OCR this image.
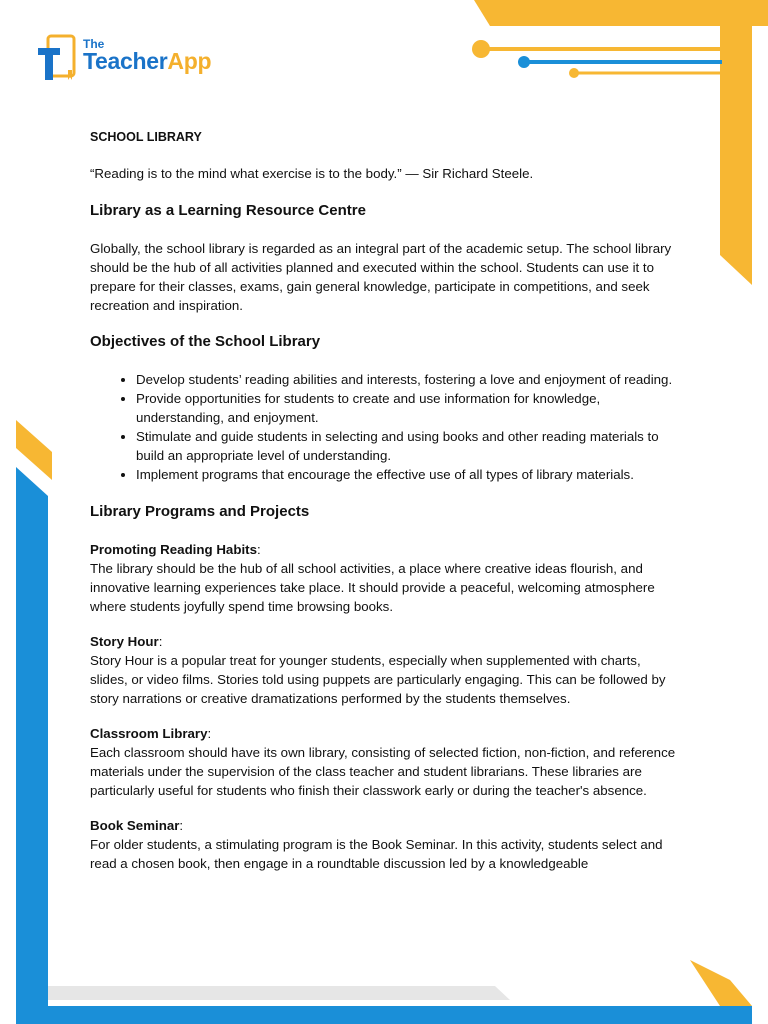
The
TeacherApp
SCHOOL LIBRARY
“Reading is to the mind what exercise is to the body.” — Sir Richard Steele.
Library as a Learning Resource Centre

Globally, the school library is regarded as an integral part of the academic setup. The school library should be the hub of all activities planned and executed within the school. Students can use it to prepare for their classes, exams, gain general knowledge, participate in competitions, and seek recreation and inspiration.

Objectives of the School Library
• Develop students’ reading abilities and interests, fostering a love and enjoyment of reading.
• Provide opportunities for students to create and use information for knowledge, understanding, and enjoyment.
• Stimulate and guide students in selecting and using books and other reading materials to build an appropriate level of understanding.
• Implement programs that encourage the effective use of all types of library materials.
Library Programs and Projects
Promoting Reading Habits:
The library should be the hub of all school activities, a place where creative ideas flourish, and innovative learning experiences take place. It should provide a peaceful, welcoming atmosphere where students joyfully spend time browsing books.
Story Hour:
Story Hour is a popular treat for younger students, especially when supplemented with charts, slides, or video films. Stories told using puppets are particularly engaging. This can be followed by story narrations or creative dramatizations performed by the students themselves.
Classroom Library:
Each classroom should have its own library, consisting of selected fiction, non-fiction, and reference materials under the supervision of the class teacher and student librarians. These libraries are particularly useful for students who finish their classwork early or during the teacher's absence.
Book Seminar:
For older students, a stimulating program is the Book Seminar. In this activity, students select and read a chosen book, then engage in a roundtable discussion led by a knowledgeable
